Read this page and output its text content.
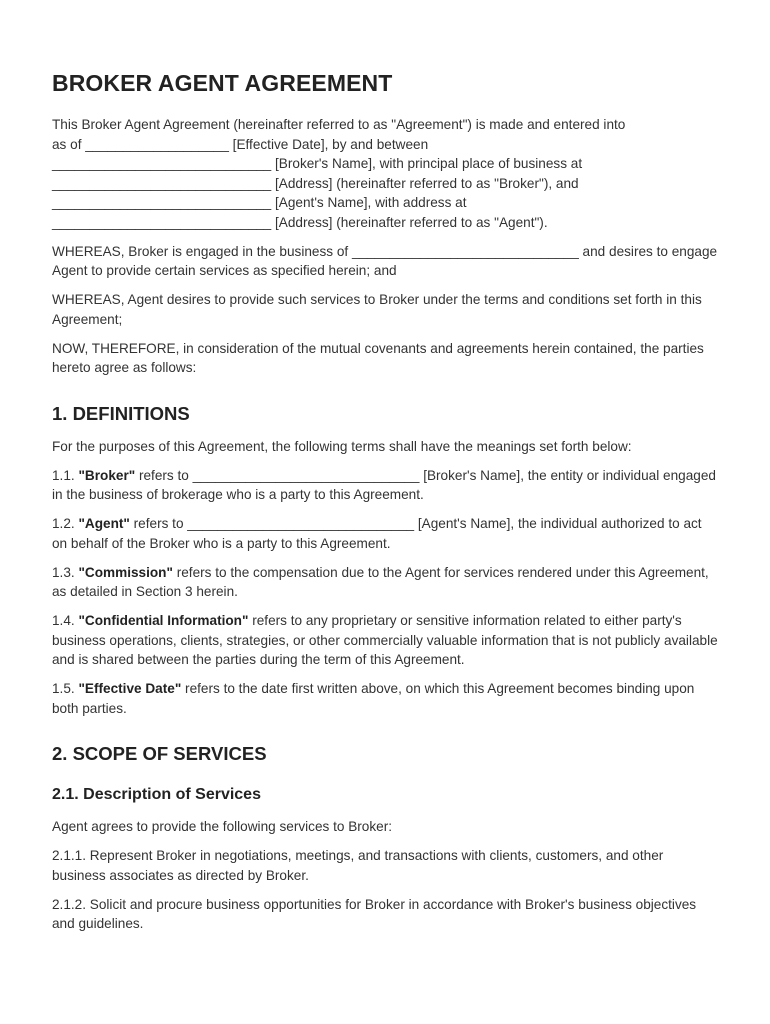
BROKER AGENT AGREEMENT
This Broker Agent Agreement (hereinafter referred to as "Agreement") is made and entered into
as of ___________________ [Effective Date], by and between
_____________________________ [Broker's Name], with principal place of business at
_____________________________ [Address] (hereinafter referred to as "Broker"), and
_____________________________ [Agent's Name], with address at
_____________________________ [Address] (hereinafter referred to as "Agent").

WHEREAS, Broker is engaged in the business of ______________________________ and desires to engage Agent to provide certain services as specified herein; and

WHEREAS, Agent desires to provide such services to Broker under the terms and conditions set forth in this Agreement;

NOW, THEREFORE, in consideration of the mutual covenants and agreements herein contained, the parties hereto agree as follows:

1. DEFINITIONS

For the purposes of this Agreement, the following terms shall have the meanings set forth below:

1.1. "Broker" refers to ______________________________ [Broker's Name], the entity or individual engaged in the business of brokerage who is a party to this Agreement.

1.2. "Agent" refers to ______________________________ [Agent's Name], the individual authorized to act on behalf of the Broker who is a party to this Agreement.

1.3. "Commission" refers to the compensation due to the Agent for services rendered under this Agreement, as detailed in Section 3 herein.

1.4. "Confidential Information" refers to any proprietary or sensitive information related to either party's business operations, clients, strategies, or other commercially valuable information that is not publicly available and is shared between the parties during the term of this Agreement.

1.5. "Effective Date" refers to the date first written above, on which this Agreement becomes binding upon both parties.

2. SCOPE OF SERVICES
2.1. Description of Services

Agent agrees to provide the following services to Broker:

2.1.1. Represent Broker in negotiations, meetings, and transactions with clients, customers, and other business associates as directed by Broker.

2.1.2. Solicit and procure business opportunities for Broker in accordance with Broker's business objectives and guidelines.
